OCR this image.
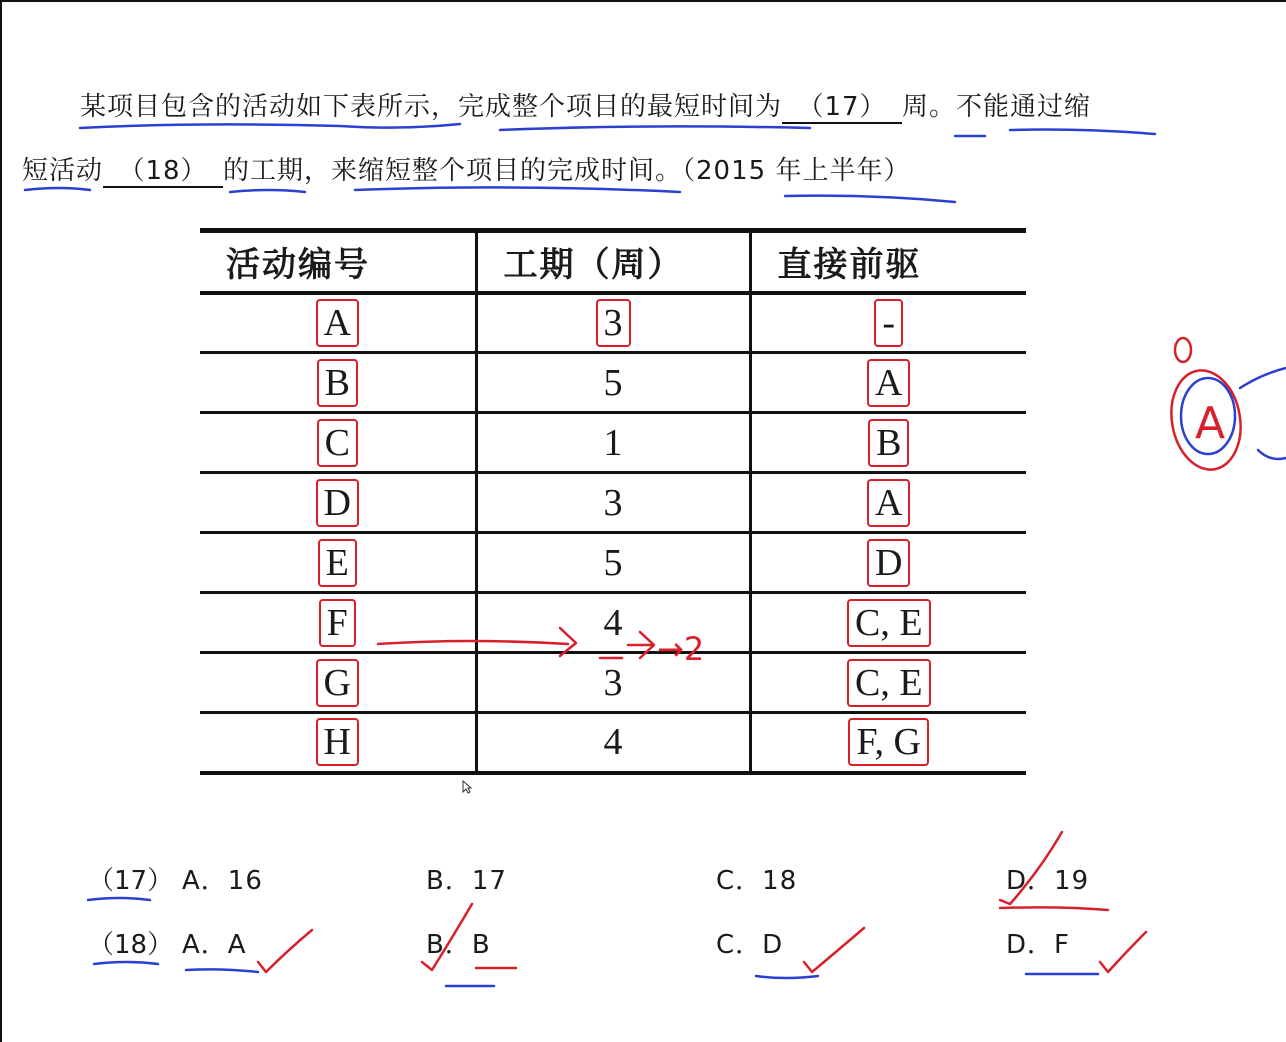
某项目包含的活动如下表所示，完成整个项目的最短时间为 （17） 周。不能通过缩
短活动 （18） 的工期，来缩短整个项目的完成时间。（2015 年上半年）
活动编号	工期（周）	直接前驱
A	3	-
B	5	A
C	1	B
D	3	A
E	5	D
F	4	C, E
G	3	C, E
H	4	F, G
（17） A．16	B．17	C．18	D．19
（18） A．A	B．B	C．D	D．F
→2
A
